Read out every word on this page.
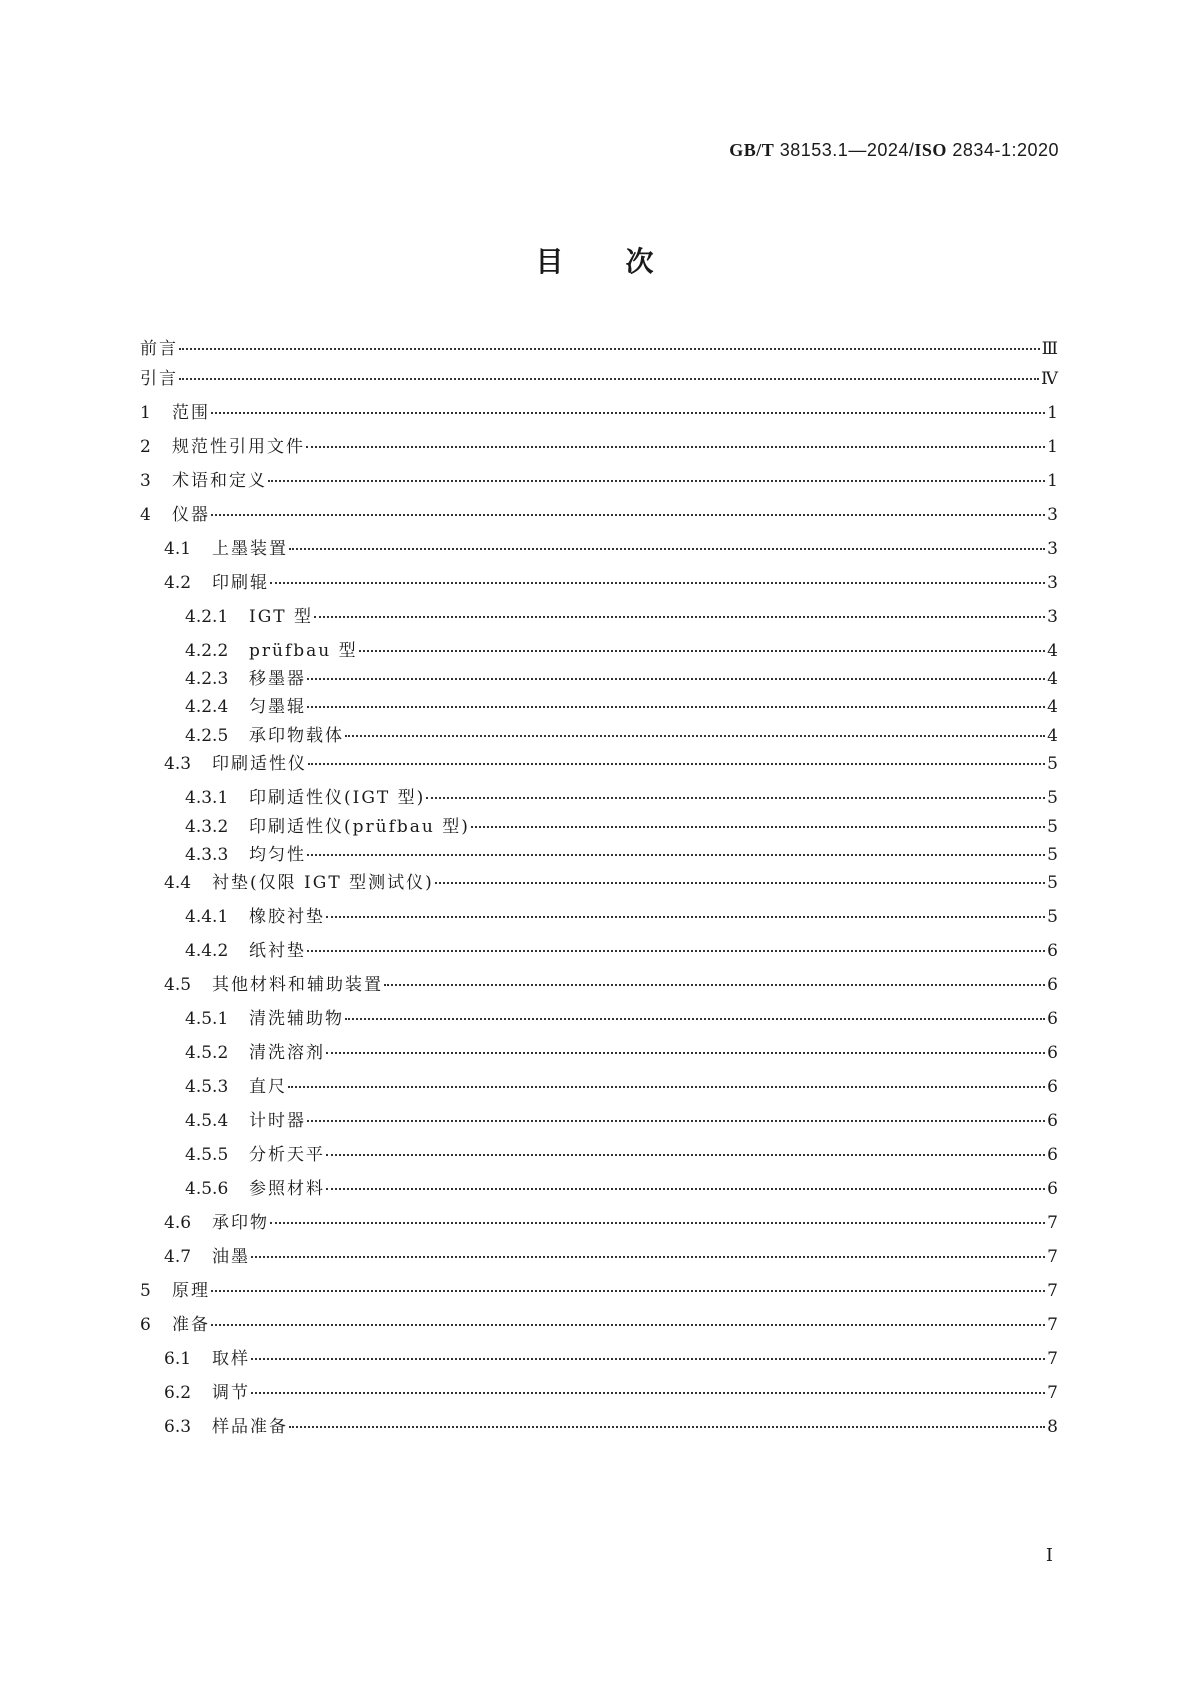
GB/T 38153.1—2024/ISO 2834-1:2020
目 次
前言	Ⅲ
引言	Ⅳ
1	范围	1
2	规范性引用文件	1
3	术语和定义	1
4	仪器	3
4.1	上墨装置	3
4.2	印刷辊	3
4.2.1	IGT 型	3
4.2.2	prüfbau 型	4
4.2.3	移墨器	4
4.2.4	匀墨辊	4
4.2.5	承印物载体	4
4.3	印刷适性仪	5
4.3.1	印刷适性仪(IGT 型)	5
4.3.2	印刷适性仪(prüfbau 型)	5
4.3.3	均匀性	5
4.4	衬垫(仅限 IGT 型测试仪)	5
4.4.1	橡胶衬垫	5
4.4.2	纸衬垫	6
4.5	其他材料和辅助装置	6
4.5.1	清洗辅助物	6
4.5.2	清洗溶剂	6
4.5.3	直尺	6
4.5.4	计时器	6
4.5.5	分析天平	6
4.5.6	参照材料	6
4.6	承印物	7
4.7	油墨	7
5	原理	7
6	准备	7
6.1	取样	7
6.2	调节	7
6.3	样品准备	8
I
